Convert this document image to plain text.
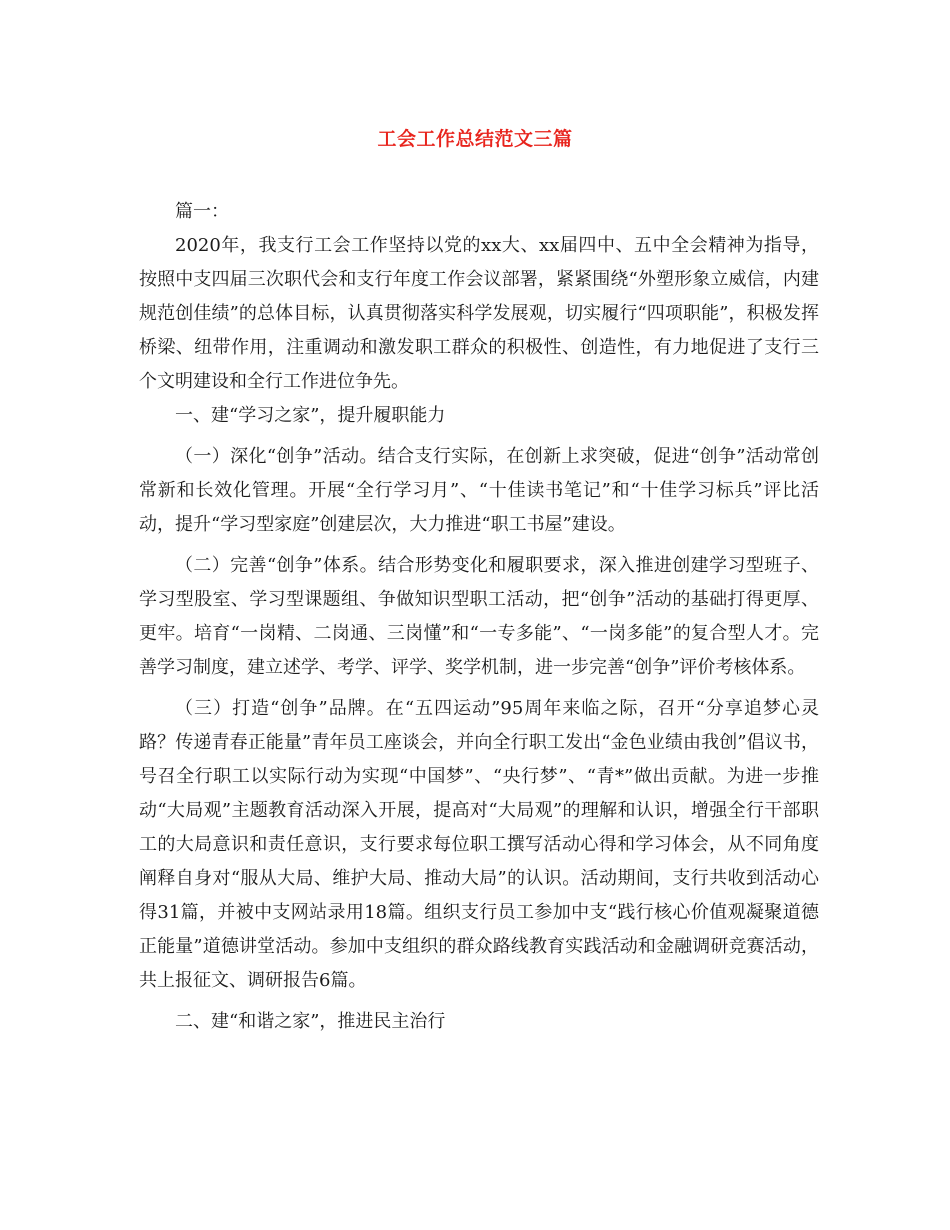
工会工作总结范文三篇

篇一：

2020年，我支行工会工作坚持以党的xx大、xx届四中、五中全会精神为指导，按照中支四届三次职代会和支行年度工作会议部署，紧紧围绕“外塑形象立威信，内建规范创佳绩”的总体目标，认真贯彻落实科学发展观，切实履行“四项职能”，积极发挥桥梁、纽带作用，注重调动和激发职工群众的积极性、创造性，有力地促进了支行三个文明建设和全行工作进位争先。

一、建“学习之家”，提升履职能力

（一）深化“创争”活动。结合支行实际，在创新上求突破，促进“创争”活动常创常新和长效化管理。开展“全行学习月”、“十佳读书笔记”和“十佳学习标兵”评比活动，提升“学习型家庭”创建层次，大力推进“职工书屋”建设。

（二）完善“创争”体系。结合形势变化和履职要求，深入推进创建学习型班子、学习型股室、学习型课题组、争做知识型职工活动，把“创争”活动的基础打得更厚、更牢。培育“一岗精、二岗通、三岗懂”和“一专多能”、“一岗多能”的复合型人才。完善学习制度，建立述学、考学、评学、奖学机制，进一步完善“创争”评价考核体系。

（三）打造“创争”品牌。在“五四运动”95周年来临之际，召开“分享追梦心灵路？传递青春正能量”青年员工座谈会，并向全行职工发出“金色业绩由我创”倡议书，号召全行职工以实际行动为实现“中国梦”、“央行梦”、“青*”做出贡献。为进一步推动“大局观”主题教育活动深入开展，提高对“大局观”的理解和认识，增强全行干部职工的大局意识和责任意识，支行要求每位职工撰写活动心得和学习体会，从不同角度阐释自身对“服从大局、维护大局、推动大局”的认识。活动期间，支行共收到活动心得31篇，并被中支网站录用18篇。组织支行员工参加中支“践行核心价值观凝聚道德正能量”道德讲堂活动。参加中支组织的群众路线教育实践活动和金融调研竞赛活动，共上报征文、调研报告6篇。

二、建“和谐之家”，推进民主治行
